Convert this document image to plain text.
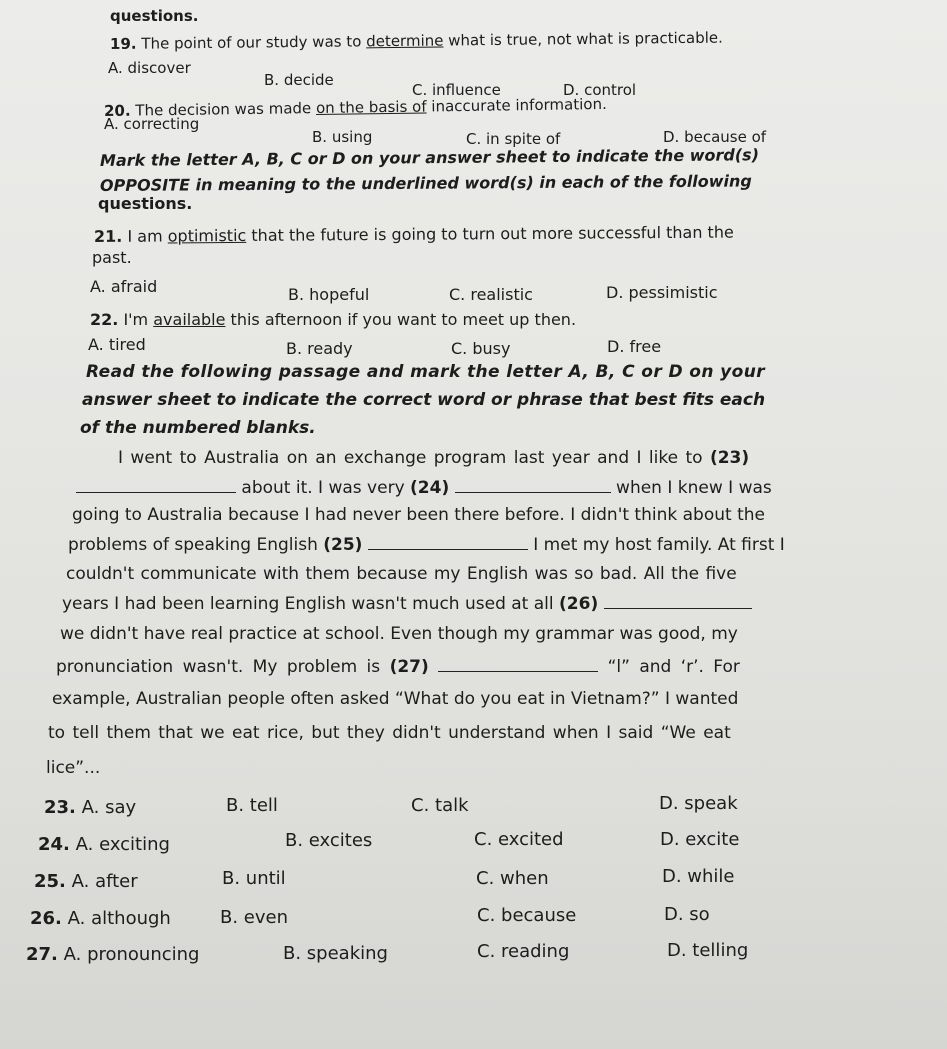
questions.
19. The point of our study was to determine what is true, not what is practicable.
A. discover
B. decide
C. influence	D. control
20. The decision was made on the basis of inaccurate information.
A. correcting
B. using	C. in spite of	D. because of
Mark the letter A, B, C or D on your answer sheet to indicate the word(s)
OPPOSITE in meaning to the underlined word(s) in each of the following
questions.
21. I am optimistic that the future is going to turn out more successful than the
past.
A. afraid	B. hopeful	C. realistic	D. pessimistic
22. I'm available this afternoon if you want to meet up then.
A. tired	B. ready	C. busy	D. free
Read the following passage and mark the letter A, B, C or D on your
answer sheet to indicate the correct word or phrase that best fits each
of the numbered blanks.
I went to Australia on an exchange program last year and I like to (23)
about it. I was very (24)	when I knew I was
going to Australia because I had never been there before. I didn't think about the
problems of speaking English (25)	I met my host family. At first I
couldn't communicate with them because my English was so bad. All the five
years I had been learning English wasn't much used at all (26)
we didn't have real practice at school. Even though my grammar was good, my
pronunciation wasn't. My problem is (27)	“l” and ‘r’. For
example, Australian people often asked “What do you eat in Vietnam?” I wanted
to tell them that we eat rice, but they didn't understand when I said “We eat
lice”...
23. A. say	B. tell	C. talk	D. speak
24. A. exciting	B. excites	C. excited	D. excite
25. A. after	B. until	C. when	D. while
26. A. although	B. even	C. because	D. so
27. A. pronouncing	B. speaking	C. reading	D. telling
